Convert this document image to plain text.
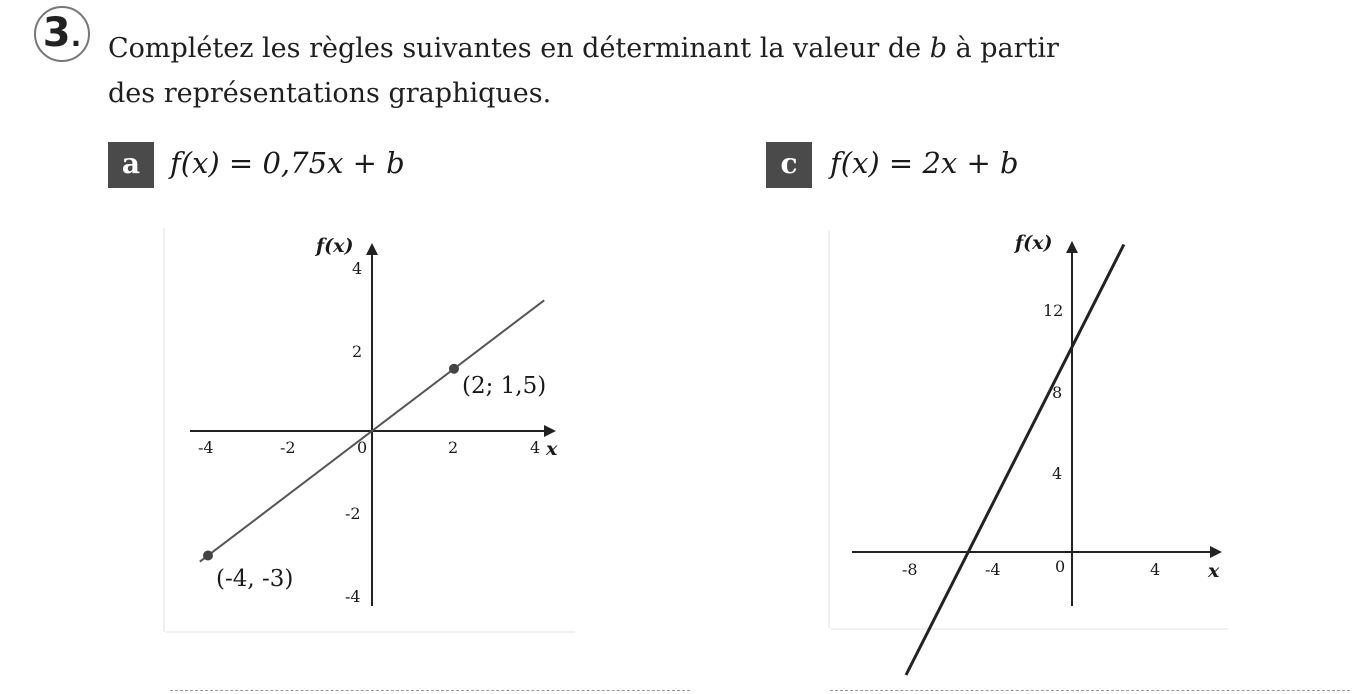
3. Complétez les règles suivantes en déterminant la valeur de b à partir des représentations graphiques.
a	f(x) = 0,75x + b
-4	-2	0	2	4
4
2
-2
-4
x
f(x)
(2; 1,5)
(-4, -3)
c	f(x) = 2x + b
-8	-4	0	4
12
8
4
x
f(x)
